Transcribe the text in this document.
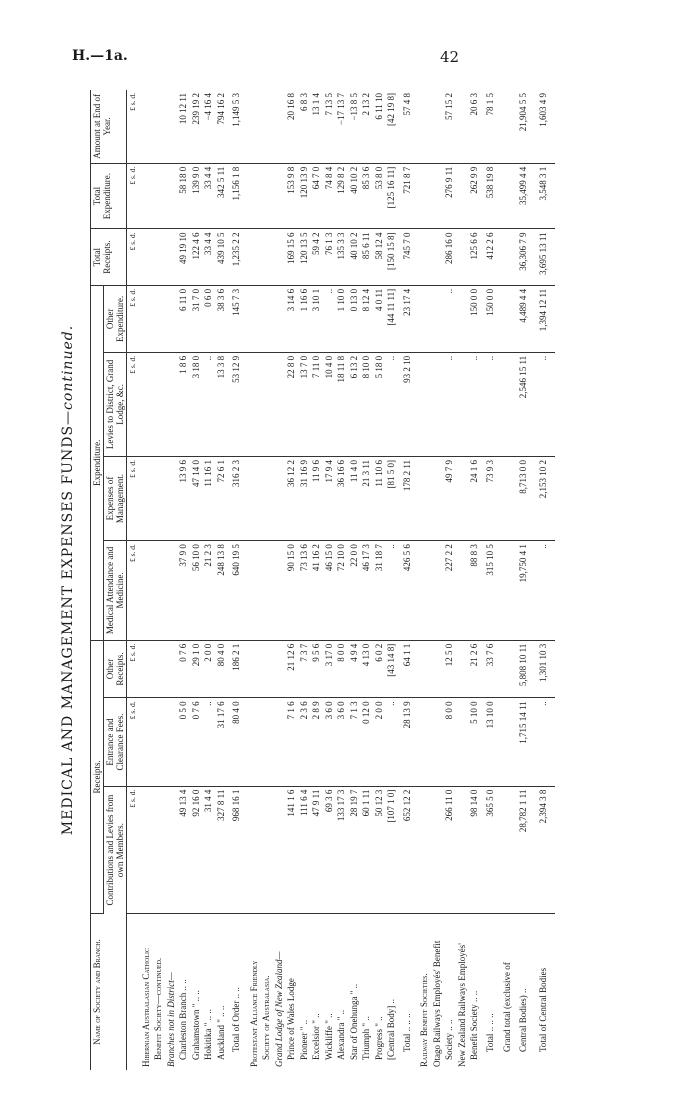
H.—1a.	42
MEDICAL AND MANAGEMENT EXPENSES FUNDS—continued.
Name of Society and Branch.	Receipts.			Expenditure.				Total Receipts.	Total Expenditure.	Amount at End of Year.
	Contributions and Levies from own Members.	Entrance and Clearance Fees.	Other Receipts.	Medical Attendance and Medicine.	Expenses of Management.	Levies to District, Grand Lodge, &c.	Other Expenditure.			
	£ s. d.	£ s. d.	£ s. d.	£ s. d.	£ s. d.	£ s. d.	£ s. d.	£ s. d.	£ s. d.	£ s. d.
Hibernian Australasian Catholic										
Benefit Society—continued.										
Branches not in District—										
Charleston Branch .. ..	49 13 4	0 5 0	0 7 6	37 9 0	13 9 6	1 8 6	6 11 0	49 19 10	58 18 0	10 12 11
Grahamstown " .. ..	92 16 0	0 7 6	29 1 0	56 10 0	47 14 0	3 18 0	31 7 0	122 4 6	139 9 0	239 19 2
Hokitika " .. ..	31 4 4	..	2 0 0	21 2 3	11 16 1	..	0 6 0	33 4 4	33 4 4	−4 16 4
Auckland " .. ..	327 8 11	31 17 6	80 4 0	248 13 8	72 6 1	13 3 8	38 3 6	439 10 5	342 5 11	794 16 2
Total of Order .. ..	968 16 1	80 4 0	186 2 1	640 19 5	316 2 3	53 12 9	145 7 3	1,235 2 2	1,156 1 8	1,149 5 3
Protestant Alliance Friendly										
Society of Australasia.										
Grand Lodge of New Zealand—										
Prince of Wales Lodge	141 1 6	7 1 6	21 12 6	90 15 0	36 12 2	22 8 0	3 14 6	169 15 6	153 9 8	20 16 8
Pioneer " ..	111 6 4	2 3 6	7 3 7	73 13 6	31 16 9	13 7 0	1 16 6	120 13 5	120 13 9	6 8 3
Excelsior " ..	47 9 11	2 8 9	9 5 6	41 16 2	11 9 6	7 11 0	3 10 1	59 4 2	64 7 0	13 1 4
Wickliffe " ..	69 3 6	3 6 0	3 17 0	46 15 0	17 9 4	10 4 0	..	76 1 3	74 8 4	7 13 5
Alexandra " ..	133 17 3	3 6 0	8 0 0	72 10 0	36 16 6	18 11 8	1 10 0	135 3 3	129 8 2	−17 13 7
Star of Onehunga " ..	28 19 7	7 1 3	4 9 4	22 0 0	11 4 0	6 13 2	0 13 0	40 10 2	40 10 2	−13 8 5
Triumph " ..	60 1 11	0 12 0	4 13 0	46 17 3	21 3 11	8 10 0	8 12 4	85 6 11	85 3 6	2 13 2
Progress " ..	50 12 3	2 0 0	6 0 2	31 18 7	11 10 6	5 18 0	4 0 11	58 12 4	53 8 0	6 11 10
[Central Body] ..	[107 1 0]	..	[43 14 8]	..	[81 5 0]	..	[44 11 11]	[150 15 8]	[125 16 11]	[42 19 8]
Total .. .. ..	652 12 2	28 13 9	64 1 1	426 5 6	178 2 11	93 2 10	23 17 4	745 7 0	721 8 7	57 4 8
Railway Benefit Societies.										
Otago Railways Employés' Benefit										
Society .. ..	266 11 0	8 0 0	12 5 0	227 2 2	49 7 9	..	..	286 16 0	276 9 11	57 15 2
New Zealand Railways Employés'										
Benefit Society .. ..	98 14 0	5 10 0	21 2 6	88 8 3	24 1 6	..	150 0 0	125 6 6	262 9 9	20 6 3
Total .. .. ..	365 5 0	13 10 0	33 7 6	315 10 5	73 9 3	..	150 0 0	412 2 6	538 19 8	78 1 5
Grand total (exclusive of										
Central Bodies) ..	28,782 1 11	1,715 14 11	5,808 10 11	19,750 4 1	8,713 0 0	2,546 15 11	4,489 4 4	36,306 7 9	35,499 4 4	21,904 5 5
Total of Central Bodies	2,394 3 8	..	1,301 10 3	..	2,153 10 2	..	1,394 12 11	3,695 13 11	3,548 3 1	1,603 4 9
